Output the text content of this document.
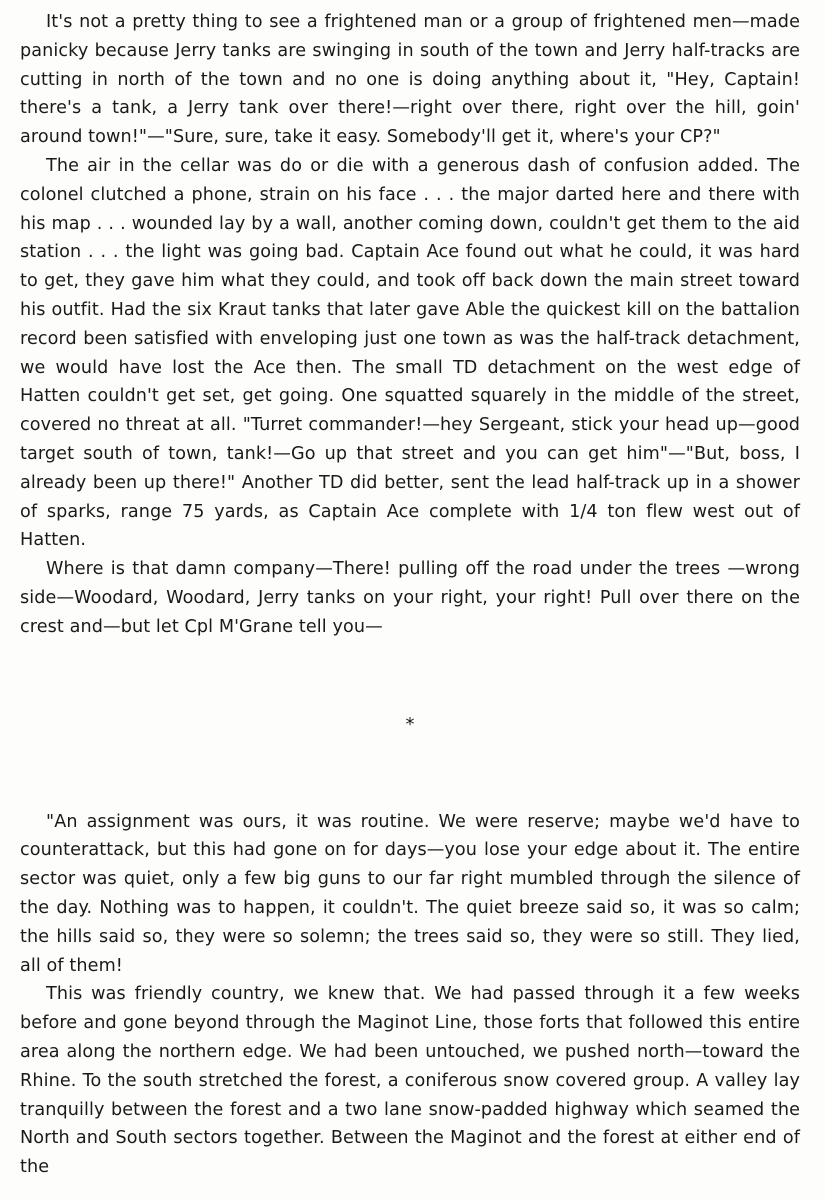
It's not a pretty thing to see a frightened man or a group of frightened men—made panicky because Jerry tanks are swinging in south of the town and Jerry half-tracks are cutting in north of the town and no one is doing anything about it, "Hey, Captain! there's a tank, a Jerry tank over there!—right over there, right over the hill, goin' around town!"—"Sure, sure, take it easy. Somebody'll get it, where's your CP?"

The air in the cellar was do or die with a generous dash of confusion added. The colonel clutched a phone, strain on his face . . . the major darted here and there with his map . . . wounded lay by a wall, another coming down, couldn't get them to the aid station . . . the light was going bad. Captain Ace found out what he could, it was hard to get, they gave him what they could, and took off back down the main street toward his outfit. Had the six Kraut tanks that later gave Able the quickest kill on the battalion record been satisfied with enveloping just one town as was the half-track detachment, we would have lost the Ace then. The small TD detachment on the west edge of Hatten couldn't get set, get going. One squatted squarely in the middle of the street, covered no threat at all. "Turret commander!—hey Sergeant, stick your head up—good target south of town, tank!—Go up that street and you can get him"—"But, boss, I already been up there!" Another TD did better, sent the lead half-track up in a shower of sparks, range 75 yards, as Captain Ace complete with 1/4 ton flew west out of Hatten.

Where is that damn company—There! pulling off the road under the trees —wrong side—Woodard, Woodard, Jerry tanks on your right, your right! Pull over there on the crest and—but let Cpl M'Grane tell you—

*

"An assignment was ours, it was routine. We were reserve; maybe we'd have to counterattack, but this had gone on for days—you lose your edge about it. The entire sector was quiet, only a few big guns to our far right mumbled through the silence of the day. Nothing was to happen, it couldn't. The quiet breeze said so, it was so calm; the hills said so, they were so solemn; the trees said so, they were so still. They lied, all of them!

This was friendly country, we knew that. We had passed through it a few weeks before and gone beyond through the Maginot Line, those forts that followed this entire area along the northern edge. We had been untouched, we pushed north—toward the Rhine. To the south stretched the forest, a coniferous snow covered group. A valley lay tranquilly between the forest and a two lane snow-padded highway which seamed the North and South sectors together. Between the Maginot and the forest at either end of the
